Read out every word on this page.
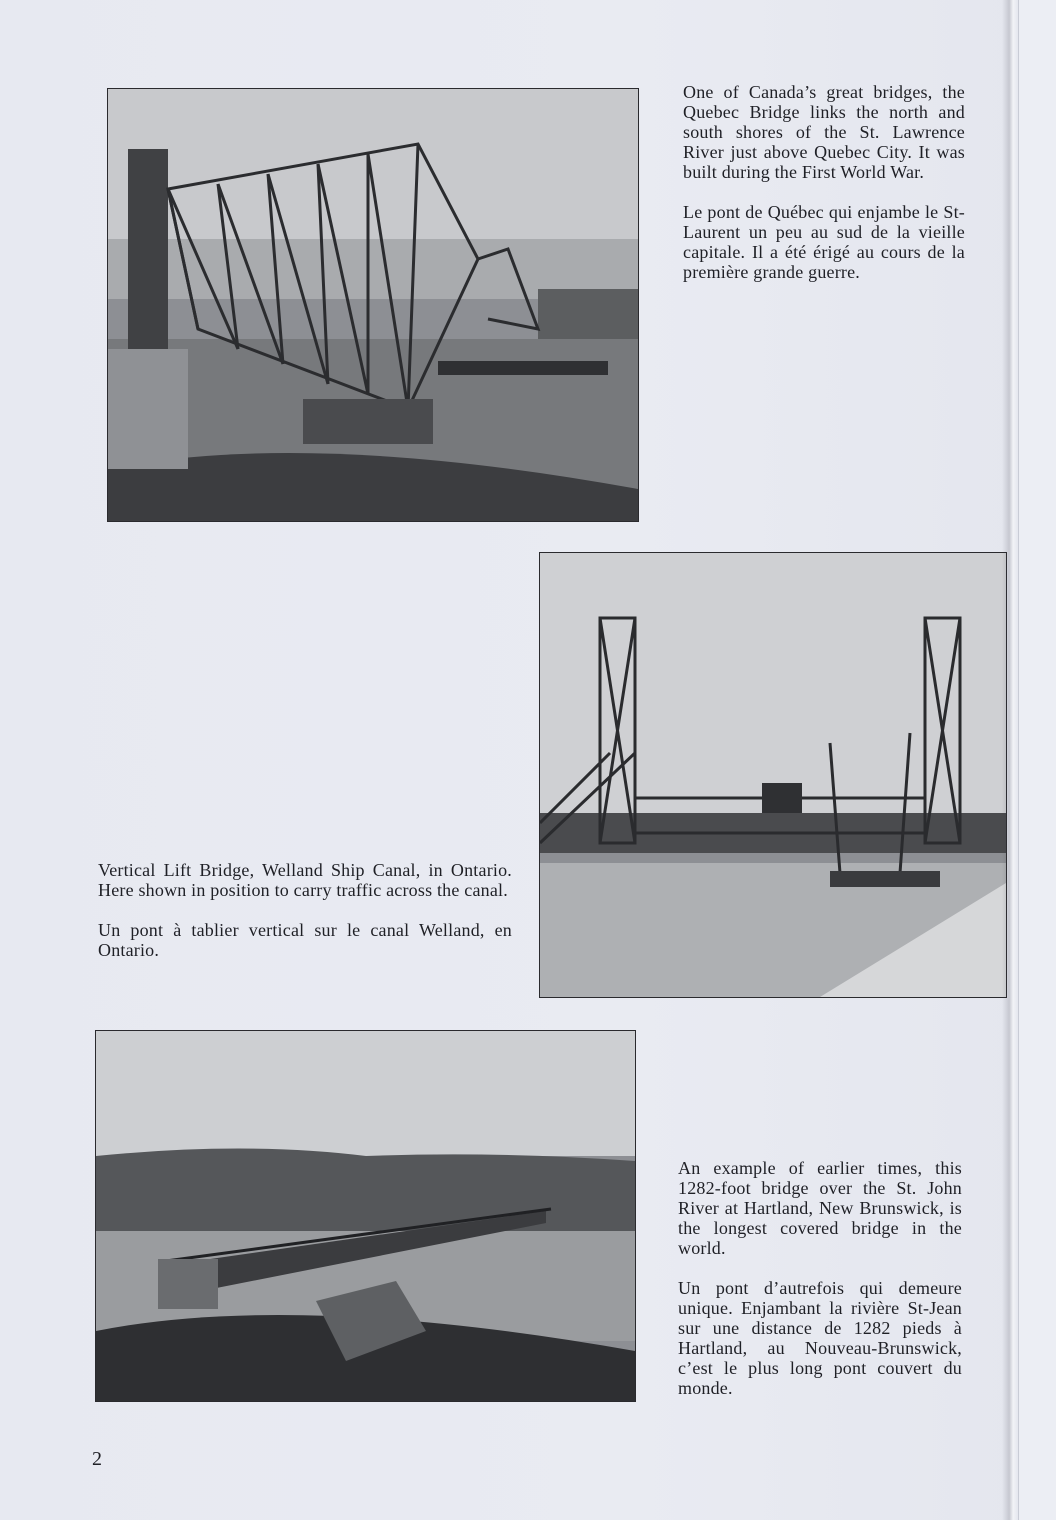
One of Canada’s great bridges, the Quebec Bridge links the north and south shores of the St. Lawrence River just above Quebec City. It was built during the First World War.

Le pont de Québec qui enjambe le St-Laurent un peu au sud de la vieille capitale. Il a été érigé au cours de la première grande guerre.

Vertical Lift Bridge, Welland Ship Canal, in Ontario. Here shown in position to carry traffic across the canal.

Un pont à tablier vertical sur le canal Welland, en Ontario.

An example of earlier times, this 1282-foot bridge over the St. John River at Hartland, New Brunswick, is the longest covered bridge in the world.

Un pont d’autrefois qui demeure unique. Enjambant la rivière St-Jean sur une distance de 1282 pieds à Hartland, au Nouveau-Brunswick, c’est le plus long pont couvert du monde.

2
